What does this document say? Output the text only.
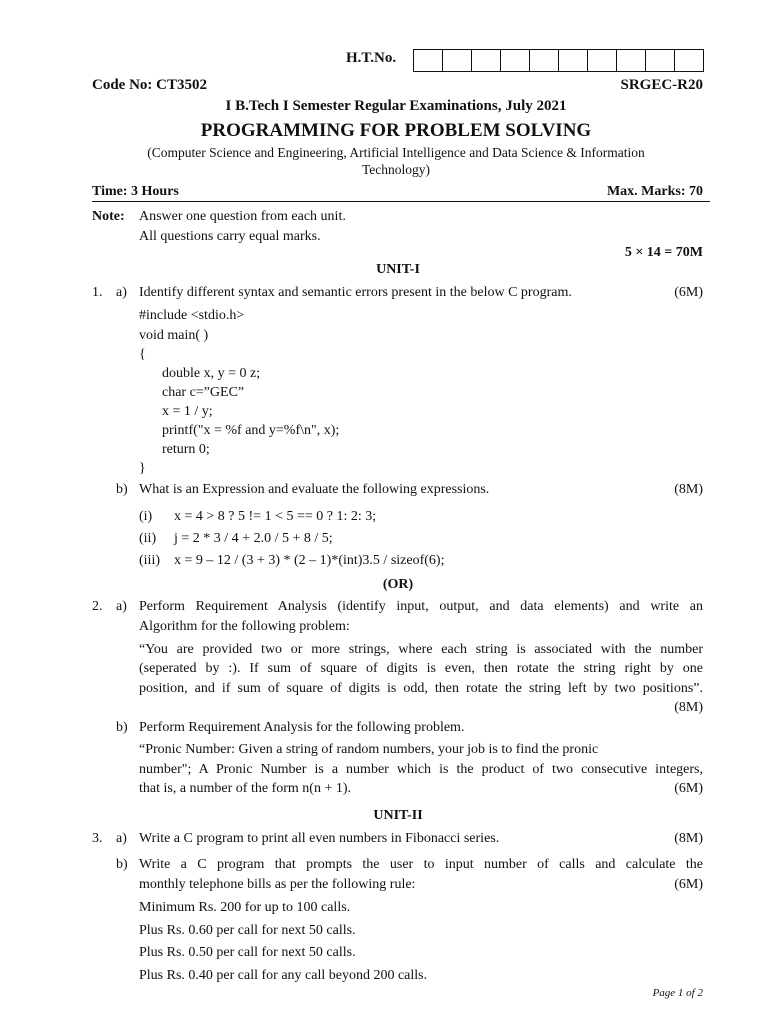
H.T.No.
Code No: CT3502	SRGEC-R20
I B.Tech I Semester Regular Examinations, July 2021
PROGRAMMING FOR PROBLEM SOLVING
(Computer Science and Engineering, Artificial Intelligence and Data Science & Information
Technology)
Time: 3 Hours	Max. Marks: 70
Note: Answer one question from each unit.
All questions carry equal marks.
5 × 14 = 70M
UNIT-I
1. a) Identify different syntax and semantic errors present in the below C program.	(6M)
#include <stdio.h>
void main( )
{
double x, y = 0 z;
char c=”GEC”
x = 1 / y;
printf("x = %f and y=%f\n", x);
return 0;
}
b) What is an Expression and evaluate the following expressions.	(8M)
(i) x = 4 > 8 ? 5 != 1 < 5 == 0 ? 1: 2: 3;
(ii) j = 2 * 3 / 4 + 2.0 / 5 + 8 / 5;
(iii) x = 9 – 12 / (3 + 3) * (2 – 1)*(int)3.5 / sizeof(6);
(OR)
2. a) Perform Requirement Analysis (identify input, output, and data elements) and write an
Algorithm for the following problem:
“You are provided two or more strings, where each string is associated with the number
(seperated by :). If sum of square of digits is even, then rotate the string right by one
position, and if sum of square of digits is odd, then rotate the string left by two positions”.
(8M)
b) Perform Requirement Analysis for the following problem.
“Pronic Number: Given a string of random numbers, your job is to find the pronic
number"; A Pronic Number is a number which is the product of two consecutive integers,
that is, a number of the form n(n + 1).	(6M)
UNIT-II
3. a) Write a C program to print all even numbers in Fibonacci series.	(8M)
b) Write a C program that prompts the user to input number of calls and calculate the
monthly telephone bills as per the following rule:	(6M)
Minimum Rs. 200 for up to 100 calls.
Plus Rs. 0.60 per call for next 50 calls.
Plus Rs. 0.50 per call for next 50 calls.
Plus Rs. 0.40 per call for any call beyond 200 calls.
Page 1 of 2
